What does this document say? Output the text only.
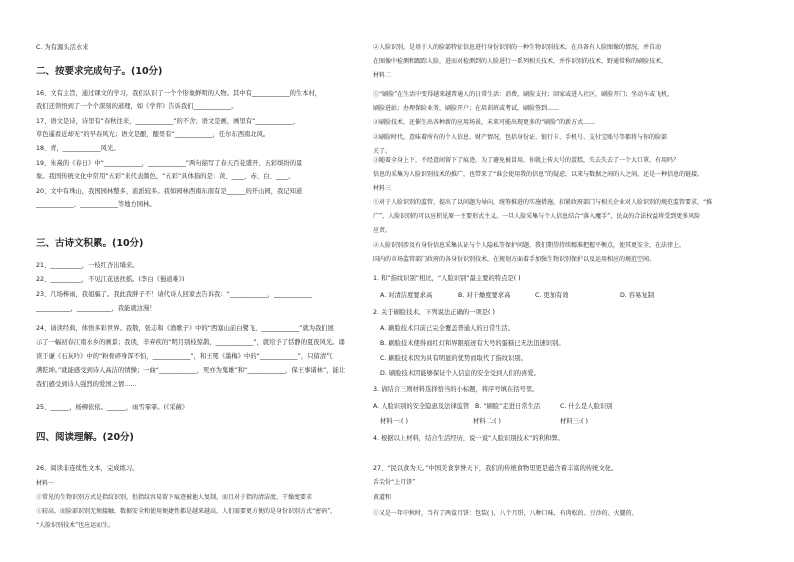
二、按要求完成句子。(10分)
三、古诗文积累。(10分)
四、阅读理解。(20分)
C. 为有源头活水来
16、文有主旨，通过课文的学习，我们认识了一个个形象鲜明的人物。其中有____________的生本村，
我们还领悟到了一个个深刻的道理，如《学弈》告诉我们____________。
17、语文是诗，诗里有“春秋往来，____________”的不舍；语文是画，画里有“____________，
草色遥看近却无”的早春风光；语文是酿，酿里有“____________，任尔东西南北风。
18、青，____________风光。
19、朱熹的《春日》中“____________，____________”两句描写了春天百花盛开、五彩缤纷的景
象。我国传统文化中常用“五彩”来代表颜色，“五彩”具体指的是：黄、____、赤、白、____。
20、文中有珠山，我国园林整多，流派较多。我如园林西南东南有是______的开山园，我记知道
____________、____________等地方园林。
21、__________，一枝红杏出墙来。
22、__________，不见江花送扶摇。(李白《蜀道难》)
23、几场棒雨，我姐骗了。我此我胖子不！请代诗人回家去告诉我：“____________，____________
___________，___________，我能就这漫！
24、请读经典，体悟多彩世界。我敬，张志和《渔歌子》中的“西塞山前白鹭飞，____________”就为我们展
示了一幅初春江南水乡的画景；我读，辛弃疾的“明月别枝惊鹊，____________”，就给予了恬静的夏夜风光。诵
读于谦《石灰吟》中的“粉骨碎身浑不怕，____________”，和王冕《墨梅》中的“____________”，只留清气
满乾坤。”就能感受到诗人高洁的情操；一曲“____________，死亦为鬼雄”和“____________，保王事诸林”，能让
我们感受到诗人强烈的爱国之情……
25、______，杨柳依依。______，雨雪霏霏。(《采薇》
26、阅读非连续性文本，完成练习。
材料一
①常见的生物识别方式是指纹识别，但指纹容易留下痕迹被他人复制，而且对于指的清洁度，干燥度要求
①较高，而脸部识别无须接触，数据安全和使用便捷性都是越来越高，人们需要更方便的是身份识别方式“密码”，
“人脸识别技术”也应运而生。
②人脸识别，是基于人的脸部特征信息进行身份识别的一种生物识别技术。在具备有人脸图像的情况，并自动
在图像中检测和跟踪人脸，进而对检测到的人脸进行一系列相关技术，并作识别的技术，野通常称的刷脸技术。
材料二
①“刷脸”在生活中变得越来越普通人的日常生活：消费，刷脸支付；回家或进入社区，刷脸开门；坐动车或飞机，
刷脸进站；办理保险业务，刷脸开户；在培训班或考试，刷脸签到……
②刷脸技术，还催生出各种新的应用场景，未来可能出现更多的“刷脸”的新方式……
②刷脸时代，意味着所有的个人信息、财产情况，包括身份证、银行卡、手机号、支付宝账号等都将与你的脸部
关了。
③随着全身上下，不经意间留下了痕迹，为了避免被冒用，你就上传大号的蛋糕，失去失去了一个大口罩，有用吗？
信息的采集为人脸识别技术的推广，也带来了“谁会使用我的信息”的疑虑，以来与数据之间的人之间，还是一种信息的链接。
材料三
①对于人脸识别的监管，提出了以问题为导向，统筹推进的实施措施，扣紧政府部门与相关企业对人脸识别的规范监管要求，“推
广”，人脸识别的可以应积见原一主要形式主义。一旦人脸采集与个人信息结合“落入魔手”，民众的合法权益将受到更多风险
应责。
②人脸识别涉及有身份信息采集认证与个人隐私等保护问题，我们期望持续精准把握平衡点，使其更安全，在法律上，
国内的市场监管部门政府的各身份识别技术，在规划方面着手加强生物识别保护以及运用相应的规范空间。
1. 和“指纹识别”相比，“人脸识别”最主要的特点是( )
A. 对清洁度要求高	B. 对干燥度要求高	C. 更加有效	D. 容易复制
2. 关于刷脸技术，下列说法正确的一项是( )
A. 刷脸技术目前已完全覆盖普通人的日常生活。
B. 刷脸技术使得商红灯和界限痕迹有大号的蛋糕已无法迅速识别。
C. 刷脸技术因为具有明显的优势而取代了指纹识别。
D. 刷脸技术因能够保证个人信息的安全受到人们的喜爱。
3. 请结合三则材料选择恰当的小标题，将序号填在括号里。
A. 人脸识别的安全隐患及法律监管 B. “刷脸”走进日常生活	C. 什么是人脸识别
材料一:( )	材料二:( )	材料三:( )
4. 根据以上材料，结合生活经历，说一说“人脸识别技术”的利和弊。
27、“民以食为天。”中国美食享誉天下，我们的传统食物里更是蕴含着丰富的传统文化。
舌尖份“上月饼”
黄道和
①又是一年中秋时，当有了两盒月饼：包装( )，八个月饼，八种口味，有肉松的、豆沙的、火腿的、
